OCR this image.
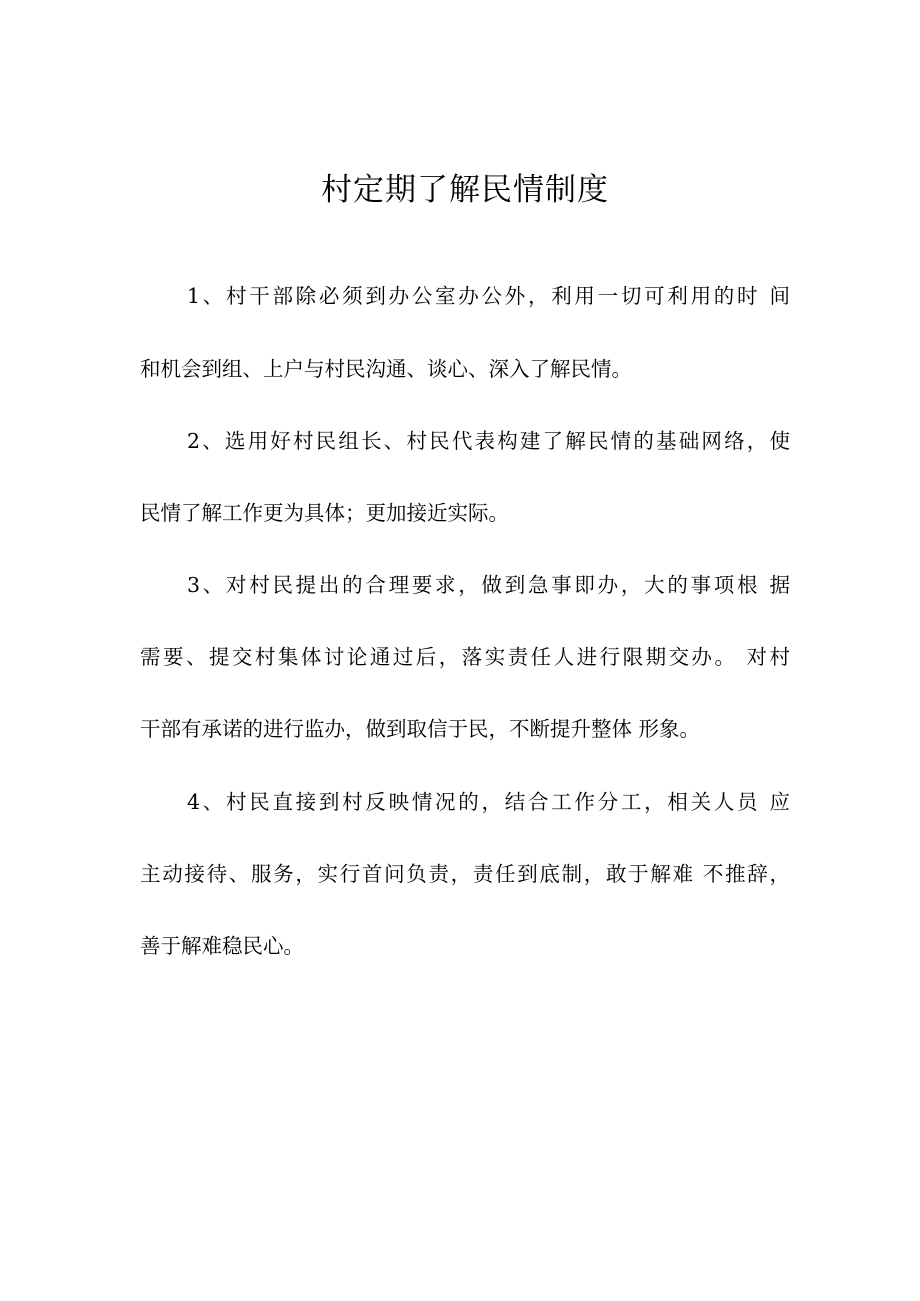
村定期了解民情制度
1、村干部除必须到办公室办公外，利用一切可利用的时 间
和机会到组、上户与村民沟通、谈心、深入了解民情。
2、选用好村民组长、村民代表构建了解民情的基础网络，使
民情了解工作更为具体；更加接近实际。
3、对村民提出的合理要求，做到急事即办，大的事项根 据
需要、提交村集体讨论通过后，落实责任人进行限期交办。 对村
干部有承诺的进行监办，做到取信于民，不断提升整体 形象。
4、村民直接到村反映情况的，结合工作分工，相关人员 应
主动接待、服务，实行首问负责，责任到底制，敢于解难 不推辞，
善于解难稳民心。
